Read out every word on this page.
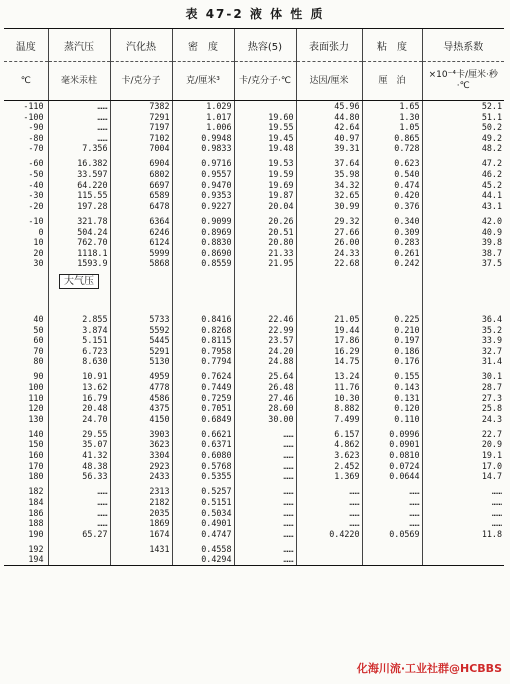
表 47-2 液 体 性 质
温度	蒸汽压	汽化热	密　度	热容(5)	表面张力	粘　度	导热系数
℃	毫米汞柱	卡/克分子	克/厘米³	卡/克分子·℃	达因/厘米	厘　泊	×10⁻⁴卡/厘米·秒·℃
-110	……	7382	1.029		45.96	1.65	52.1
-100	……	7291	1.017	19.60	44.80	1.30	51.1
-90	……	7197	1.006	19.55	42.64	1.05	50.2
-80	……	7102	0.9948	19.45	40.97	0.865	49.2
-70	7.356	7004	0.9833	19.48	39.31	0.728	48.2

-60	16.382	6904	0.9716	19.53	37.64	0.623	47.2
-50	33.597	6802	0.9557	19.59	35.98	0.540	46.2
-40	64.220	6697	0.9470	19.69	34.32	0.474	45.2
-30	115.55	6589	0.9353	19.87	32.65	0.420	44.1
-20	197.28	6478	0.9227	20.04	30.99	0.376	43.1

-10	321.78	6364	0.9099	20.26	29.32	0.340	42.0
0	504.24	6246	0.8969	20.51	27.66	0.309	40.9
10	762.70	6124	0.8830	20.80	26.00	0.283	39.8
20	1118.1	5999	0.8690	21.33	24.33	0.261	38.7
30	1593.9	5868	0.8559	21.95	22.68	0.242	37.5

	大气压						

40	2.855	5733	0.8416	22.46	21.05	0.225	36.4
50	3.874	5592	0.8268	22.99	19.44	0.210	35.2
60	5.151	5445	0.8115	23.57	17.86	0.197	33.9
70	6.723	5291	0.7958	24.20	16.29	0.186	32.7
80	8.630	5130	0.7794	24.88	14.75	0.176	31.4

90	10.91	4959	0.7624	25.64	13.24	0.155	30.1
100	13.62	4778	0.7449	26.48	11.76	0.143	28.7
110	16.79	4586	0.7259	27.46	10.30	0.131	27.3
120	20.48	4375	0.7051	28.60	8.882	0.120	25.8
130	24.70	4150	0.6849	30.00	7.499	0.110	24.3

140	29.55	3903	0.6621	……	6.157	0.0996	22.7
150	35.07	3623	0.6371	……	4.862	0.0901	20.9
160	41.32	3304	0.6080	……	3.623	0.0810	19.1
170	48.38	2923	0.5768	……	2.452	0.0724	17.0
180	56.33	2433	0.5355	……	1.369	0.0644	14.7

182	……	2313	0.5257	……	……	……	……
184	……	2182	0.5151	……	……	……	……
186	……	2035	0.5034	……	……	……	……
188	……	1869	0.4901	……	……	……	……
190	65.27	1674	0.4747	……	0.4220	0.0569	11.8

192		1431	0.4558	……			
194			0.4294	……			
化海川流·工业社群@HCBBS
